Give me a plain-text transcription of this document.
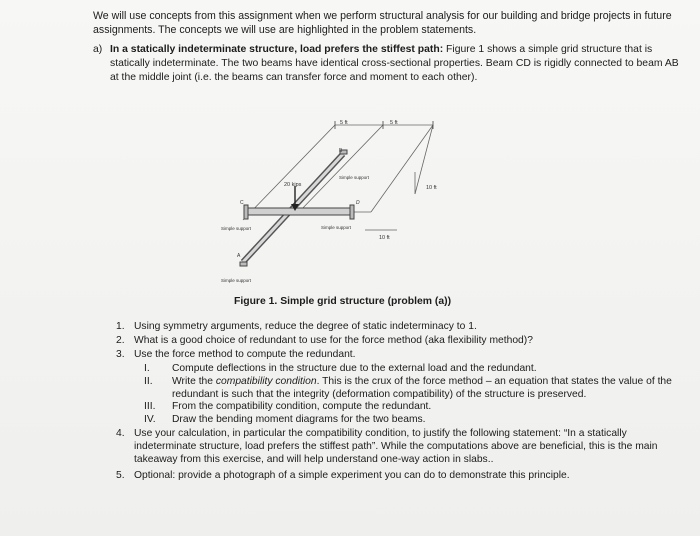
We will use concepts from this assignment when we perform structural analysis for our building and bridge projects in future assignments. The concepts we will use are highlighted in the problem statements.
a) In a statically indeterminate structure, load prefers the stiffest path: Figure 1 shows a simple grid structure that is statically indeterminate. The two beams have identical cross-sectional properties. Beam CD is rigidly connected to beam AB at the middle joint (i.e. the beams can transfer force and moment to each other).
5 ft	5 ft
10 ft
10 ft
20 kips
B
C	D
A
Simple support
Simple support	Simple support
Simple support
Figure 1. Simple grid structure (problem (a))
1. Using symmetry arguments, reduce the degree of static indeterminacy to 1.
2. What is a good choice of redundant to use for the force method (aka flexibility method)?
3. Use the force method to compute the redundant.
I. Compute deflections in the structure due to the external load and the redundant.
II. Write the compatibility condition. This is the crux of the force method – an equation that states the value of the redundant is such that the integrity (deformation compatibility) of the structure is preserved.
III. From the compatibility condition, compute the redundant.
IV. Draw the bending moment diagrams for the two beams.
4. Use your calculation, in particular the compatibility condition, to justify the following statement: “In a statically indeterminate structure, load prefers the stiffest path”. While the computations above are beneficial, this is the main takeaway from this exercise, and will help understand one-way action in slabs..
5. Optional: provide a photograph of a simple experiment you can do to demonstrate this principle.
